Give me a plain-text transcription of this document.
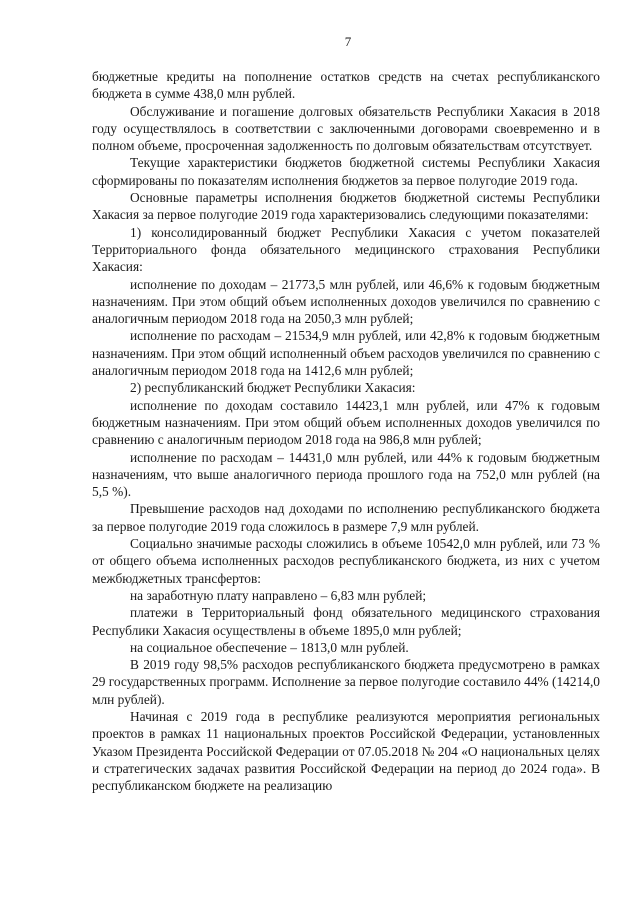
7

бюджетные кредиты на пополнение остатков средств на счетах республиканского бюджета в сумме 438,0 млн рублей.

Обслуживание и погашение долговых обязательств Республики Хакасия в 2018 году осуществлялось в соответствии с заключенными договорами своевременно и в полном объеме, просроченная задолженность по долговым обязательствам отсутствует.

Текущие характеристики бюджетов бюджетной системы Республики Хакасия сформированы по показателям исполнения бюджетов за первое полугодие 2019 года.

Основные параметры исполнения бюджетов бюджетной системы Республики Хакасия за первое полугодие 2019 года характеризовались следующими показателями:

1) консолидированный бюджет Республики Хакасия с учетом показателей Территориального фонда обязательного медицинского страхования Республики Хакасия:

исполнение по доходам – 21773,5 млн рублей, или 46,6% к годовым бюджетным назначениям. При этом общий объем исполненных доходов увеличился по сравнению с аналогичным периодом 2018 года на 2050,3 млн рублей;

исполнение по расходам – 21534,9 млн рублей, или 42,8% к годовым бюджетным назначениям. При этом общий исполненный объем расходов увеличился по сравнению с аналогичным периодом 2018 года на 1412,6 млн рублей;

2) республиканский бюджет Республики Хакасия:

исполнение по доходам составило 14423,1 млн рублей, или 47% к годовым бюджетным назначениям. При этом общий объем исполненных доходов увеличился по сравнению с аналогичным периодом 2018 года на 986,8 млн рублей;

исполнение по расходам – 14431,0 млн рублей, или 44% к годовым бюджетным назначениям, что выше аналогичного периода прошлого года на 752,0 млн рублей (на 5,5 %).

Превышение расходов над доходами по исполнению республиканского бюджета за первое полугодие 2019 года сложилось в размере 7,9 млн рублей.

Социально значимые расходы сложились в объеме 10542,0 млн рублей, или 73 % от общего объема исполненных расходов республиканского бюджета, из них с учетом межбюджетных трансфертов:

на заработную плату направлено – 6,83 млн рублей;

платежи в Территориальный фонд обязательного медицинского страхования Республики Хакасия осуществлены в объеме 1895,0 млн рублей;

на социальное обеспечение – 1813,0 млн рублей.

В 2019 году 98,5% расходов республиканского бюджета предусмотрено в рамках 29 государственных программ. Исполнение за первое полугодие составило 44% (14214,0 млн рублей).

Начиная с 2019 года в республике реализуются мероприятия региональных проектов в рамках 11 национальных проектов Российской Федерации, установленных Указом Президента Российской Федерации от 07.05.2018 № 204 «О национальных целях и стратегических задачах развития Российской Федерации на период до 2024 года». В республиканском бюджете на реализацию
